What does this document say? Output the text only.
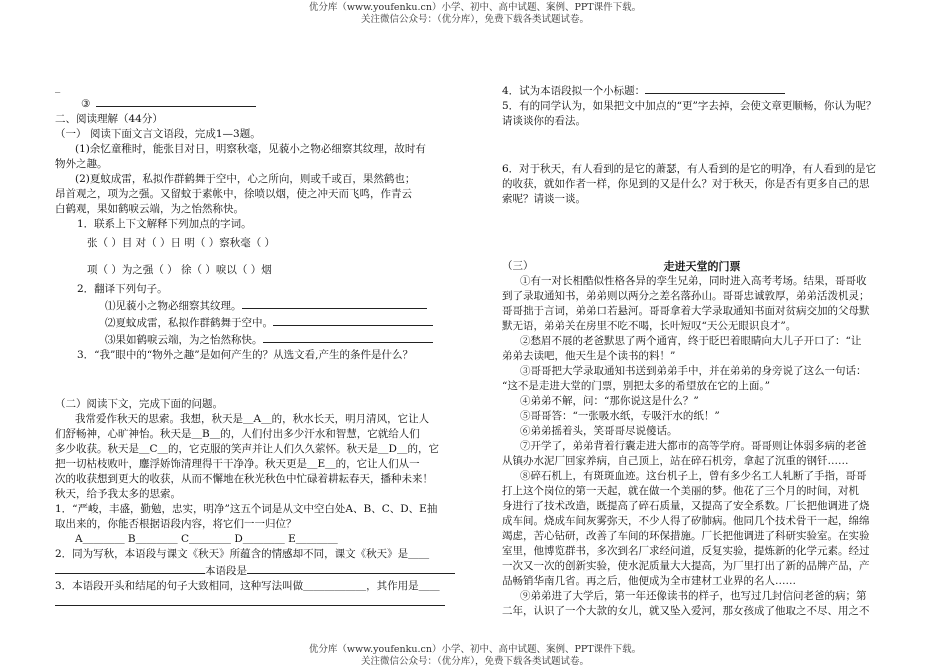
优分库（www.youfenku.cn）小学、初中、高中试题、案例、PPT课件下载。
关注微信公众号：（优分库），免费下载各类试题试卷。
_
③
二、阅读理解（44分）
（一） 阅读下面文言文语段，完成1—3题。
(1)余忆童稚时，能张目对日，明察秋毫，见藐小之物必细察其纹理，故时有
物外之趣。
(2)夏蚊成雷，私拟作群鹤舞于空中，心之所向，则或千或百，果然鹤也；
昂首观之，项为之强。又留蚊于素帐中，徐喷以烟，使之冲天而飞鸣，作青云
白鹤观，果如鹤唳云端，为之怡然称快。
1．联系上下文解释下列加点的字词。
张（ ）目 对（ ）日 明（ ）察秋毫（ ）
项（ ）为之强（ ） 徐（ ）唳以（ ）烟
2．翻译下列句子。
⑴见藐小之物必细察其纹理。
⑵夏蚊成雷，私拟作群鹤舞于空中。
⑶果如鹤唳云端，为之怡然称快。
3．“我”眼中的“物外之趣”是如何产生的？从选文看,产生的条件是什么？
（二）阅读下文，完成下面的问题。
我常爱作秋天的思索。我想，秋天是＿A＿的，秋水长天，明月清风，它让人
们舒畅神，心旷神怡。秋天是＿B＿的，人们付出多少汗水和智慧，它就给人们
多少收获。秋天是＿C＿的，它克服的笑声并让人们久久萦怀。秋天是＿D＿的，它
把一切枯枝败叶，鏖浮娇饰清理得干干净净。秋天更是＿E＿的，它让人们从一
次的收获想到更大的收获，从而不懈地在秋光秋色中忙碌着耕耘春天，播种未来！
秋天，给予我太多的思索。
1．“严峻，丰盛，勤勉，忠实，明净”这五个词是从文中空白处A、B、C、D、E抽
取出来的，你能否根据语段内容，将它们一一归位？
A＿＿＿＿ B＿＿＿＿ C＿＿＿＿ D＿＿＿＿ E＿＿＿＿
2．同为写秋，本语段与课文《秋天》所蕴含的情感却不同，课文《秋天》是＿＿
本语段是
3．本语段开头和结尾的句子大致相同，这种写法叫做＿＿＿＿＿＿，其作用是＿＿
4．试为本语段拟一个小标题：
5．有的同学认为，如果把文中加点的“更”字去掉，会使文章更顺畅，你认为呢？
请谈谈你的看法。
6．对于秋天，有人看到的是它的萧瑟，有人看到的是它的明净，有人看到的是它
的收获，就如作者一样，你见到的又是什么？对于秋天，你是否有更多自己的思
索呢？请谈一谈。
（三）	走进天堂的门票
①有一对长相酷似性格各异的孪生兄弟，同时进入高考考场。结果，哥哥收
到了录取通知书，弟弟则以两分之差名落孙山。哥哥忠诚敦厚，弟弟活泼机灵；
哥哥拙于言词，弟弟口若悬河。哥哥拿着大学录取通知书面对贫病交加的父母默
默无语，弟弟关在房里不吃不喝，长叶短叹“天公无眼识良才”。
②愁眉不展的老爸默思了两个通宵，终于眨巴着眼睛向大儿子开口了：“让
弟弟去读吧，他天生是个读书的料！”
③哥哥把大学录取通知书送到弟弟手中，并在弟弟的身旁说了这么一句话：
“这不是走进大堂的门票，别把太多的希望放在它的上面。”
④弟弟不解，问：“那你说这是什么？”
⑤哥哥答：“一张吸水纸，专吸汗水的纸！”
⑥弟弟摇着头，笑哥哥尽说傻话。
⑦开学了，弟弟背着行囊走进大都市的高等学府。哥哥则让体弱多病的老爸
从镇办水泥厂回家养病，自己顶上，站在碎石机旁，拿起了沉重的钢钎……
⑧碎石机上，有斑斑血迹。这台机子上，曾有多少名工人轧断了手指，哥哥
打上这个岗位的第一天起，就在做一个美丽的梦。他花了三个月的时间，对机
身进行了技术改造，既提高了碎石质量，又提高了安全系数。厂长把他调进了烧
成车间。烧成车间灰雾弥天，不少人得了矽肺病。他同几个技术骨干一起，绵绵
竭虑，苦心钻研，改善了车间的环保措施。厂长把他调进了科研实验室。在实验
室里，他博览群书，多次到名厂求经问道，反复实验，提炼新的化学元素。经过
一次又一次的创新实验，使水泥质量大大提高，为厂里打出了新的品牌产品，产
品畅销华南几省。再之后，他便成为全市建材工业界的名人……
⑨弟弟进了大学后，第一年还像读书的样子，也写过几封信问老爸的病；第
二年，认识了一个大款的女儿，就又坠入爱河，那女孩成了他取之不尽、用之不
优分库（www.youfenku.cn）小学、初中、高中试题、案例、PPT课件下载。
关注微信公众号：（优分库），免费下载各类试题试卷。
